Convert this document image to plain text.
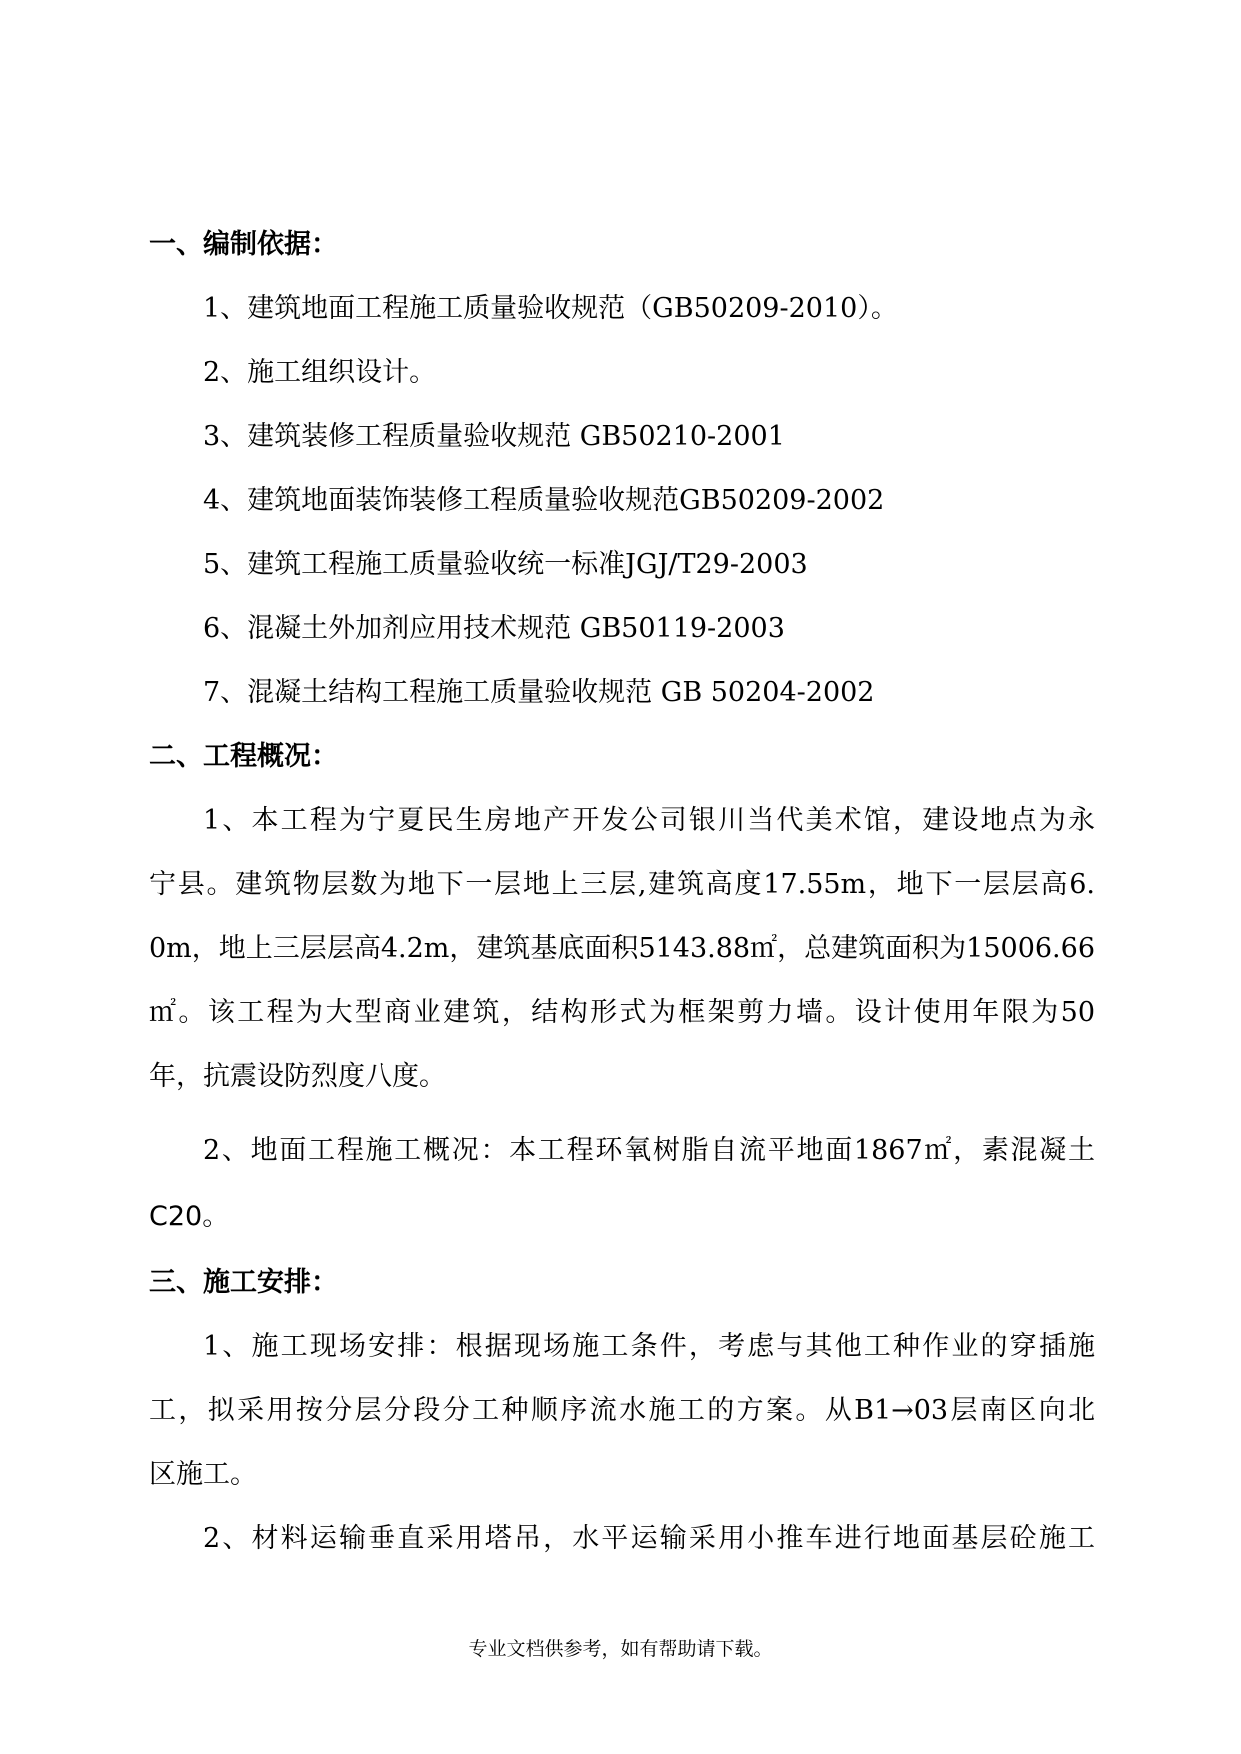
一、编制依据：
1、建筑地面工程施工质量验收规范（GB50209-2010）。
2、施工组织设计。
3、建筑装修工程质量验收规范 GB50210-2001
4、建筑地面装饰装修工程质量验收规范GB50209-2002
5、建筑工程施工质量验收统一标准JGJ/T29-2003
6、混凝土外加剂应用技术规范 GB50119-2003
7、混凝土结构工程施工质量验收规范 GB 50204-2002
二、工程概况：
1、本工程为宁夏民生房地产开发公司银川当代美术馆，建设地点为永
宁县。建筑物层数为地下一层地上三层,建筑高度17.55m，地下一层层高6.
0m，地上三层层高4.2m，建筑基底面积5143.88㎡，总建筑面积为15006.66
㎡。该工程为大型商业建筑，结构形式为框架剪力墙。设计使用年限为50
年，抗震设防烈度八度。
2、地面工程施工概况：本工程环氧树脂自流平地面1867㎡，素混凝土
C20。
三、施工安排：
1、施工现场安排：根据现场施工条件，考虑与其他工种作业的穿插施
工，拟采用按分层分段分工种顺序流水施工的方案。从B1→03层南区向北
区施工。
2、材料运输垂直采用塔吊，水平运输采用小推车进行地面基层砼施工
专业文档供参考，如有帮助请下载。
